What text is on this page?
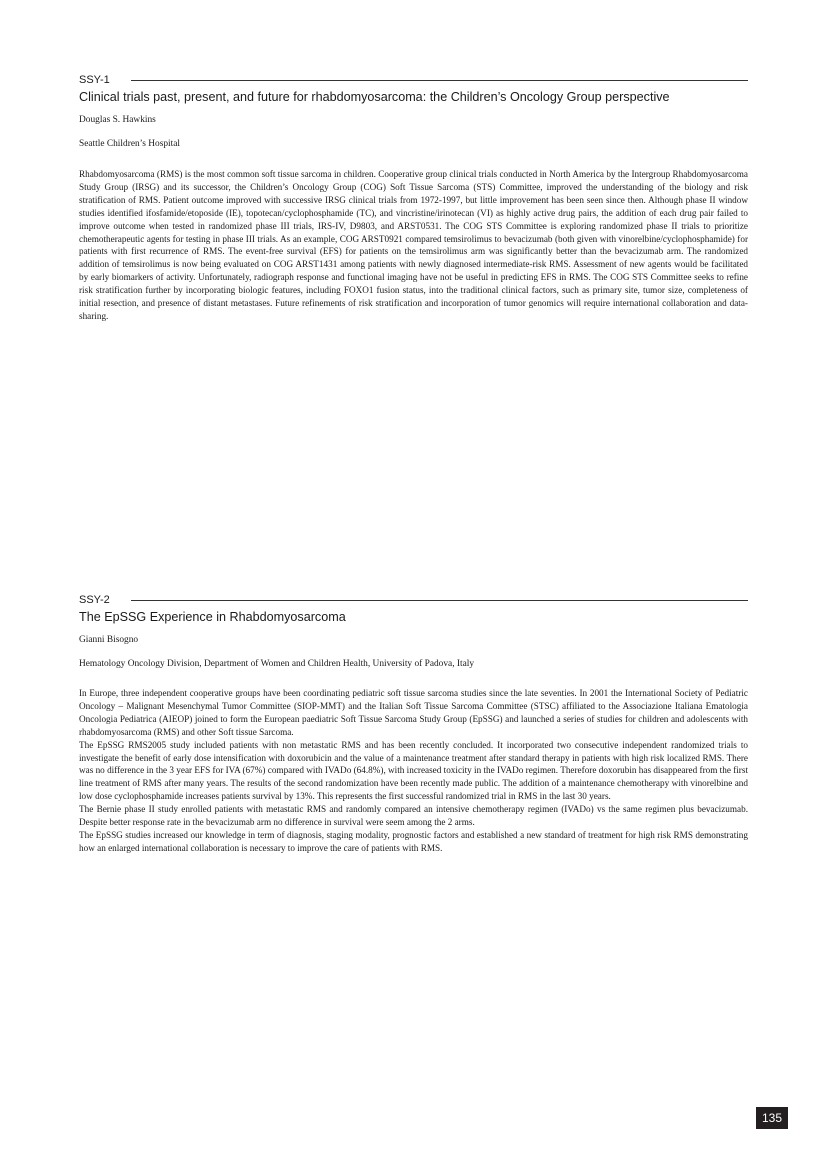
SSY-1
Clinical trials past, present, and future for rhabdomyosarcoma: the Children’s Oncology Group perspective

Douglas S. Hawkins

Seattle Children’s Hospital

Rhabdomyosarcoma (RMS) is the most common soft tissue sarcoma in children. Cooperative group clinical trials conducted in North America by the Intergroup Rhabdomyosarcoma Study Group (IRSG) and its successor, the Children’s Oncology Group (COG) Soft Tissue Sarcoma (STS) Committee, improved the understanding of the biology and risk stratification of RMS. Patient outcome improved with successive IRSG clinical trials from 1972-1997, but little improvement has been seen since then. Although phase II window studies identified ifosfamide/etoposide (IE), topotecan/cyclophosphamide (TC), and vincristine/irinotecan (VI) as highly active drug pairs, the addition of each drug pair failed to improve outcome when tested in randomized phase III trials, IRS-IV, D9803, and ARST0531. The COG STS Committee is exploring randomized phase II trials to prioritize chemotherapeutic agents for testing in phase III trials. As an example, COG ARST0921 compared temsirolimus to bevacizumab (both given with vinorelbine/cyclophosphamide) for patients with first recurrence of RMS. The event-free survival (EFS) for patients on the temsirolimus arm was significantly better than the bevacizumab arm. The randomized addition of temsirolimus is now being evaluated on COG ARST1431 among patients with newly diagnosed intermediate-risk RMS. Assessment of new agents would be facilitated by early biomarkers of activity. Unfortunately, radiograph response and functional imaging have not be useful in predicting EFS in RMS. The COG STS Committee seeks to refine risk stratification further by incorporating biologic features, including FOXO1 fusion status, into the traditional clinical factors, such as primary site, tumor size, completeness of initial resection, and presence of distant metastases. Future refinements of risk stratification and incorporation of tumor genomics will require international collaboration and data-sharing.

SSY-2
The EpSSG Experience in Rhabdomyosarcoma

Gianni Bisogno

Hematology Oncology Division, Department of Women and Children Health, University of Padova, Italy

In Europe, three independent cooperative groups have been coordinating pediatric soft tissue sarcoma studies since the late seventies. In 2001 the International Society of Pediatric Oncology – Malignant Mesenchymal Tumor Committee (SIOP-MMT) and the Italian Soft Tissue Sarcoma Committee (STSC) affiliated to the Associazione Italiana Ematologia Oncologia Pediatrica (AIEOP) joined to form the European paediatric Soft Tissue Sarcoma Study Group (EpSSG) and launched a series of studies for children and adolescents with rhabdomyosarcoma (RMS) and other Soft tissue Sarcoma.

The EpSSG RMS2005 study included patients with non metastatic RMS and has been recently concluded. It incorporated two consecutive independent randomized trials to investigate the benefit of early dose intensification with doxorubicin and the value of a maintenance treatment after standard therapy in patients with high risk localized RMS. There was no difference in the 3 year EFS for IVA (67%) compared with IVADo (64.8%), with increased toxicity in the IVADo regimen. Therefore doxorubin has disappeared from the first line treatment of RMS after many years. The results of the second randomization have been recently made public. The addition of a maintenance chemotherapy with vinorelbine and low dose cyclophosphamide increases patients survival by 13%. This represents the first successful randomized trial in RMS in the last 30 years.

The Bernie phase II study enrolled patients with metastatic RMS and randomly compared an intensive chemotherapy regimen (IVADo) vs the same regimen plus bevacizumab. Despite better response rate in the bevacizumab arm no difference in survival were seem among the 2 arms.

The EpSSG studies increased our knowledge in term of diagnosis, staging modality, prognostic factors and established a new standard of treatment for high risk RMS demonstrating how an enlarged international collaboration is necessary to improve the care of patients with RMS.

135
